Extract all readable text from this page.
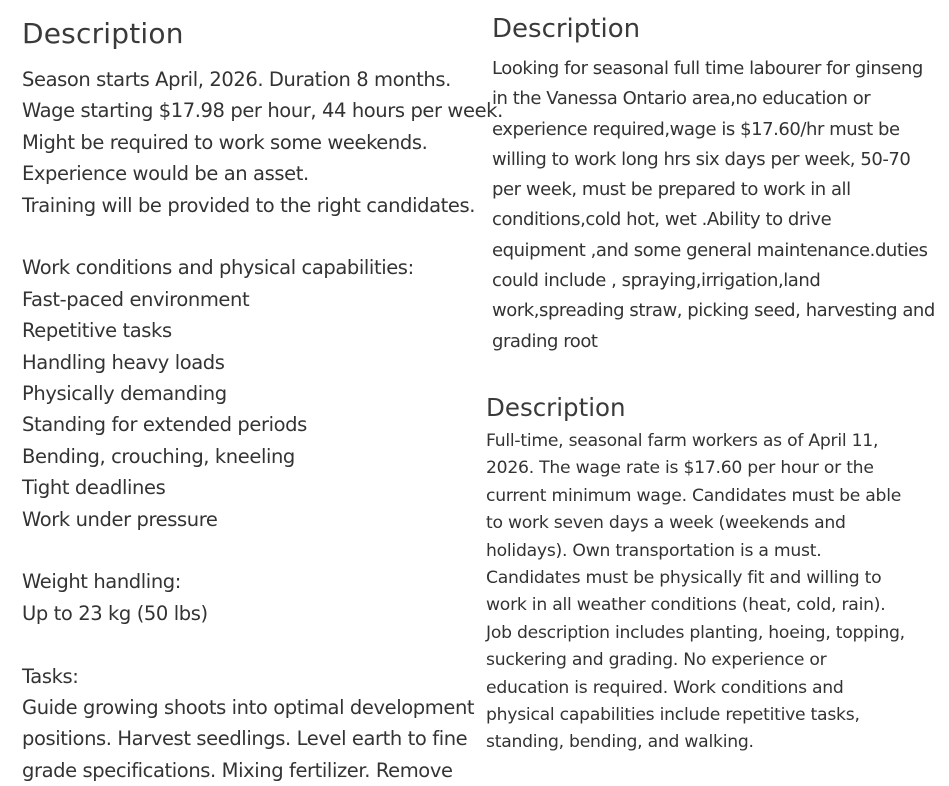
Description
Season starts April, 2026. Duration 8 months.
Wage starting $17.98 per hour, 44 hours per week.
Might be required to work some weekends.
Experience would be an asset.
Training will be provided to the right candidates.
Work conditions and physical capabilities:
Fast-paced environment
Repetitive tasks
Handling heavy loads
Physically demanding
Standing for extended periods
Bending, crouching, kneeling
Tight deadlines
Work under pressure
Weight handling:
Up to 23 kg (50 lbs)
Tasks:
Guide growing shoots into optimal development
positions. Harvest seedlings. Level earth to fine
grade specifications. Mixing fertilizer. Remove
Description
Looking for seasonal full time labourer for ginseng
in the Vanessa Ontario area,no education or
experience required,wage is $17.60/hr must be
willing to work long hrs six days per week, 50-70
per week, must be prepared to work in all
conditions,cold hot, wet .Ability to drive
equipment ,and some general maintenance.duties
could include , spraying,irrigation,land
work,spreading straw, picking seed, harvesting and
grading root
Description
Full-time, seasonal farm workers as of April 11,
2026. The wage rate is $17.60 per hour or the
current minimum wage. Candidates must be able
to work seven days a week (weekends and
holidays). Own transportation is a must.
Candidates must be physically fit and willing to
work in all weather conditions (heat, cold, rain).
Job description includes planting, hoeing, topping,
suckering and grading. No experience or
education is required. Work conditions and
physical capabilities include repetitive tasks,
standing, bending, and walking.
